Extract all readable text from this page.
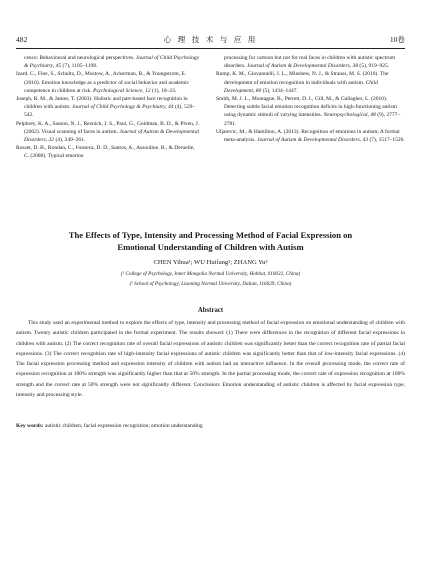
482	心 理 技 术 与 应 用	10卷

cence; Behavioural and neurological perspectives. Journal of Child Psychology & Psychiatry, 45 (7), 1185–1198.

Izard, C., Fine, S., Schultz, D., Mostow, A., Ackerman, B., & Youngstrom, E. (2010). Emotion knowledge as a predictor of social behavior and academic competence in children at risk. Psychological Science, 12 (1), 18–23.

Joseph, R. M., & James, T. (2003). Holistic and part-based face recognition in children with autism. Journal of Child Psychology & Psychiatry, 44 (4), 529–542.

Pelphrey, K. A., Sasson, N. J., Reznick, J. S., Paul, G., Goldman, B. D., & Piven, J. (2002). Visual scanning of faces in autism. Journal of Autism & Developmental Disorders, 32 (4), 249–261.

Rosset, D. B., Rondan, C., Fonseca, D. D., Santos, A., Assouline, B., & Deruelle, C. (2008). Typical emotion

processing for cartoon but not for real faces in children with autistic spectrum disorders. Journal of Autism & Developmental Disorders, 38 (5), 919–925.

Rump, K. M., Giovannelli, J. L., Minshew, N. J., & Strauss, M. S. (2010). The development of emotion recognition in individuals with autism. Child Development, 80 (5), 1434–1447.

Smith, M. J. L., Montagne, B., Perrett, D. I., Gill, M., & Gallagher, L. (2010). Detecting subtle facial emotion recognition deficits in high-functioning autism using dynamic stimuli of varying intensities. Neuropsychological, 48 (9), 2777–2781.

Uljarevic, M., & Hamilton, A. (2013). Recognition of emotions in autism; A formal meta-analysis. Journal of Autism & Developmental Disorders, 43 (7), 1517–1526.

The Effects of Type, Intensity and Processing Method of Facial Expression on
Emotional Understanding of Children with Autism
CHEN Yihua¹; WU Huifang²; ZHANG Yu²
(¹ College of Psychology, Inner Mongolia Normal University, Hohhot, 010022, China)
(² School of Psychology, Liaoning Normal University, Dalian, 116029, China)
Abstract

This study used an experimental method to explore the effects of type, intensity and processing method of facial expression on emotional understanding of children with autism. Twenty autistic children participated in the formal experiment. The results showed: (1) There were differences in the recognition of different facial expressions in children with autism. (2) The correct recognition rate of overall facial expressions of autistic children was significantly better than the correct recognition rate of partial facial expressions. (3) The correct recognition rate of high-intensity facial expressions of autistic children was significantly better than that of low-intensity facial expressions. (4) The facial expression processing method and expression intensity of children with autism had an interactive influence. In the overall processing mode, the correct rate of expression recognition at 100% strength was significantly higher than that at 50% strength. In the partial processing mode, the correct rate of expression recognition at 100% strength and the correct rate at 50% strength were not significantly different. Conclusion: Emotion understanding of autistic children is affected by facial expression type, intensity and processing style.

Key words: autistic children; facial expression recognition; emotion understanding
